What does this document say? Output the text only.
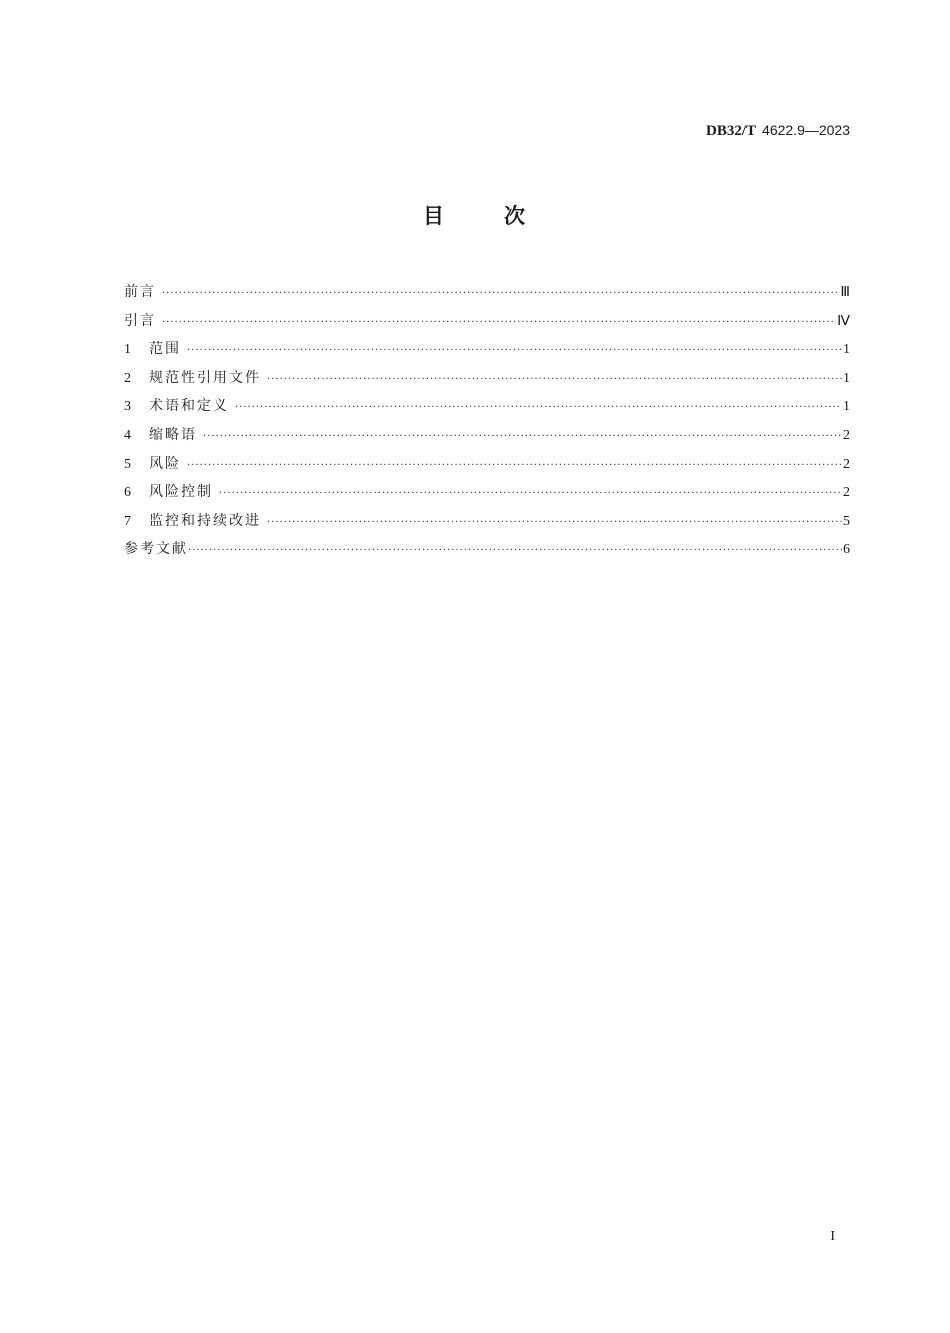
DB32/T 4622.9—2023
目次
前言 ·····	Ⅲ
引言 ·····	Ⅳ
1	范围 ·····	1
2	规范性引用文件 ·····	1
3	术语和定义 ·····	1
4	缩略语 ·····	2
5	风险 ·····	2
6	风险控制 ·····	2
7	监控和持续改进 ·····	5
参考文献 ·····	6
I
